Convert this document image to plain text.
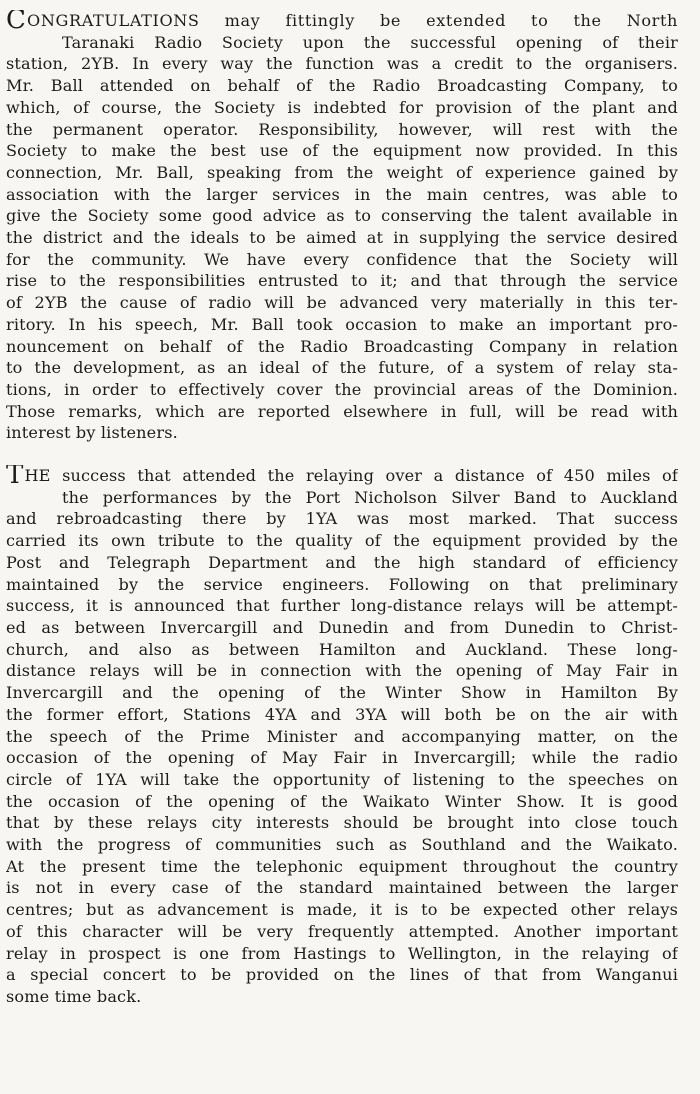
CONGRATULATIONS may fittingly be extended to the North
Taranaki Radio Society upon the successful opening of their
station, 2YB. In every way the function was a credit to the organisers.
Mr. Ball attended on behalf of the Radio Broadcasting Company, to
which, of course, the Society is indebted for provision of the plant and
the permanent operator. Responsibility, however, will rest with the
Society to make the best use of the equipment now provided. In this
connection, Mr. Ball, speaking from the weight of experience gained by
association with the larger services in the main centres, was able to
give the Society some good advice as to conserving the talent available in
the district and the ideals to be aimed at in supplying the service desired
for the community. We have every confidence that the Society will
rise to the responsibilities entrusted to it; and that through the service
of 2YB the cause of radio will be advanced very materially in this ter-
ritory. In his speech, Mr. Ball took occasion to make an important pro-
nouncement on behalf of the Radio Broadcasting Company in relation
to the development, as an ideal of the future, of a system of relay sta-
tions, in order to effectively cover the provincial areas of the Dominion.
Those remarks, which are reported elsewhere in full, will be read with
interest by listeners.
THE success that attended the relaying over a distance of 450 miles of
the performances by the Port Nicholson Silver Band to Auckland
and rebroadcasting there by 1YA was most marked. That success
carried its own tribute to the quality of the equipment provided by the
Post and Telegraph Department and the high standard of efficiency
maintained by the service engineers. Following on that preliminary
success, it is announced that further long-distance relays will be attempt-
ed as between Invercargill and Dunedin and from Dunedin to Christ-
church, and also as between Hamilton and Auckland. These long-
distance relays will be in connection with the opening of May Fair in
Invercargill and the opening of the Winter Show in Hamilton By
the former effort, Stations 4YA and 3YA will both be on the air with
the speech of the Prime Minister and accompanying matter, on the
occasion of the opening of May Fair in Invercargill; while the radio
circle of 1YA will take the opportunity of listening to the speeches on
the occasion of the opening of the Waikato Winter Show. It is good
that by these relays city interests should be brought into close touch
with the progress of communities such as Southland and the Waikato.
At the present time the telephonic equipment throughout the country
is not in every case of the standard maintained between the larger
centres; but as advancement is made, it is to be expected other relays
of this character will be very frequently attempted. Another important
relay in prospect is one from Hastings to Wellington, in the relaying of
a special concert to be provided on the lines of that from Wanganui
some time back.
